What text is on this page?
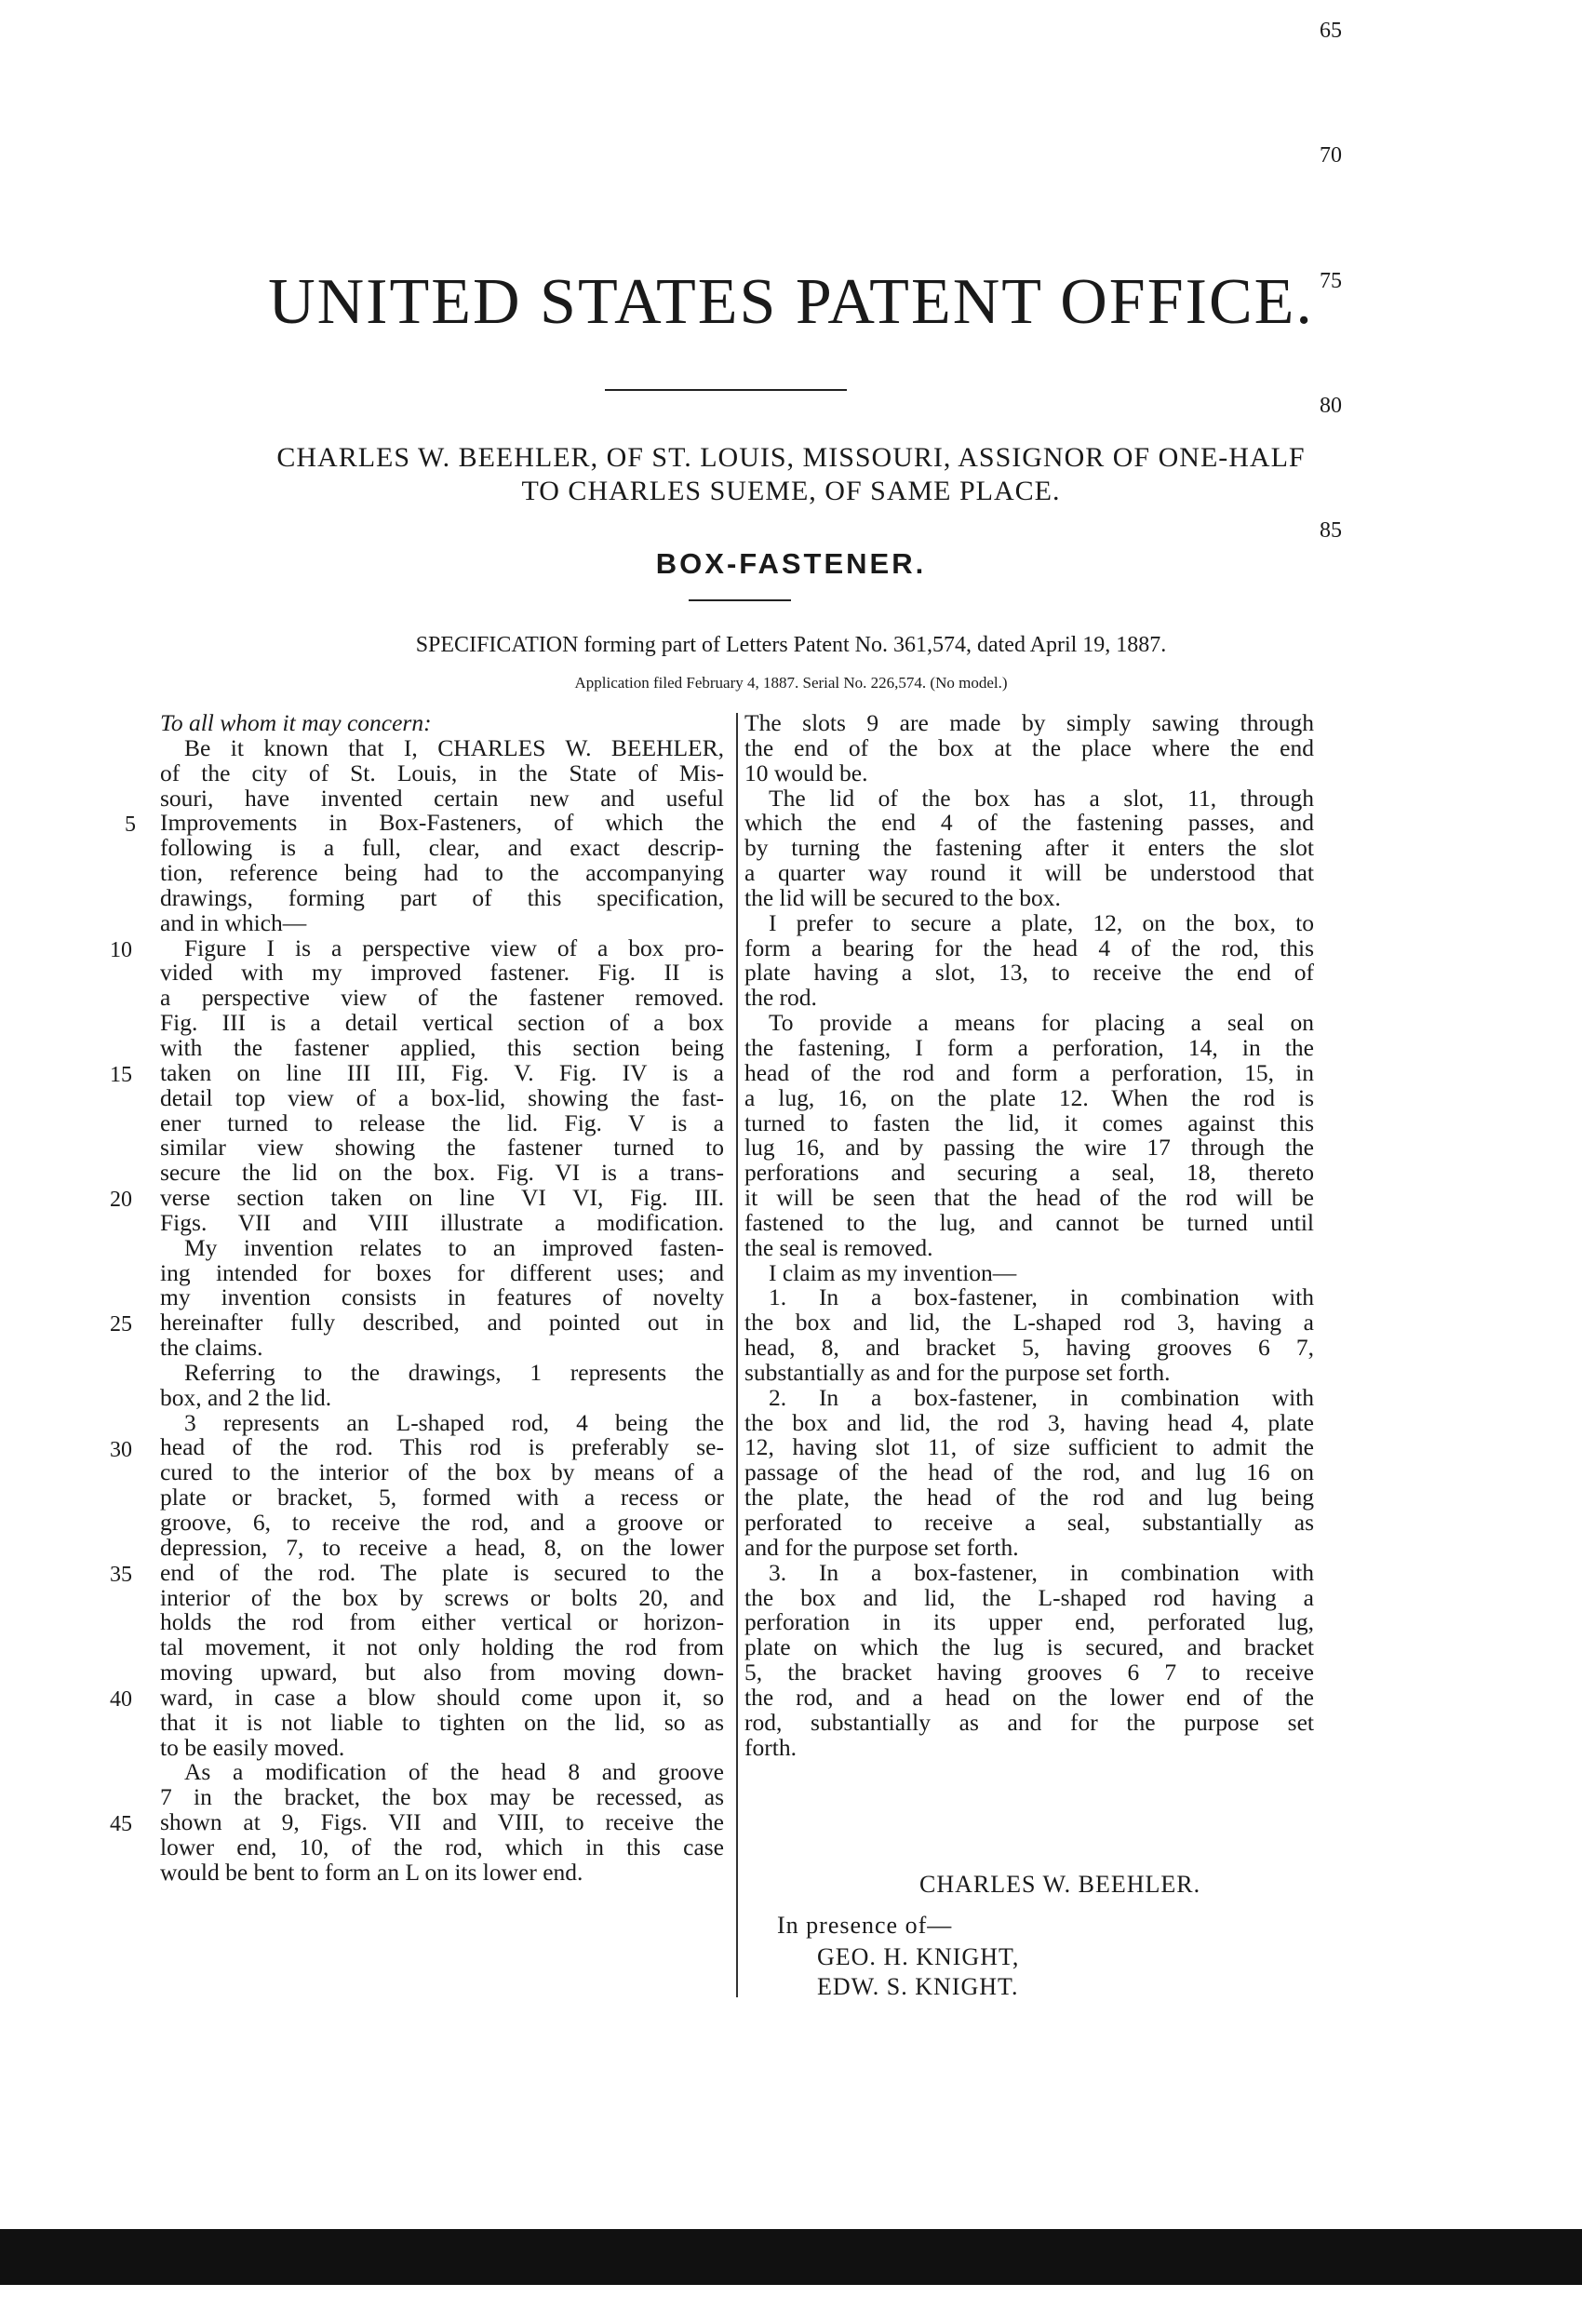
UNITED STATES PATENT OFFICE.
CHARLES W. BEEHLER, OF ST. LOUIS, MISSOURI, ASSIGNOR OF ONE-HALF
TO CHARLES SUEME, OF SAME PLACE.
BOX-FASTENER.
SPECIFICATION forming part of Letters Patent No. 361,574, dated April 19, 1887.
Application filed February 4, 1887. Serial No. 226,574. (No model.)
To all whom it may concern:
Be it known that I, CHARLES W. BEEHLER,
of the city of St. Louis, in the State of Mis-
souri, have invented certain new and useful
Improvements in Box-Fasteners, of which the
following is a full, clear, and exact descrip-
tion, reference being had to the accompanying
drawings, forming part of this specification,
and in which—
Figure I is a perspective view of a box pro-
vided with my improved fastener. Fig. II is
a perspective view of the fastener removed.
Fig. III is a detail vertical section of a box
with the fastener applied, this section being
taken on line III III, Fig. V. Fig. IV is a
detail top view of a box-lid, showing the fast-
ener turned to release the lid. Fig. V is a
similar view showing the fastener turned to
secure the lid on the box. Fig. VI is a trans-
verse section taken on line VI VI, Fig. III.
Figs. VII and VIII illustrate a modification.
My invention relates to an improved fasten-
ing intended for boxes for different uses; and
my invention consists in features of novelty
hereinafter fully described, and pointed out in
the claims.
Referring to the drawings, 1 represents the
box, and 2 the lid.
3 represents an L-shaped rod, 4 being the
head of the rod. This rod is preferably se-
cured to the interior of the box by means of a
plate or bracket, 5, formed with a recess or
groove, 6, to receive the rod, and a groove or
depression, 7, to receive a head, 8, on the lower
end of the rod. The plate is secured to the
interior of the box by screws or bolts 20, and
holds the rod from either vertical or horizon-
tal movement, it not only holding the rod from
moving upward, but also from moving down-
ward, in case a blow should come upon it, so
that it is not liable to tighten on the lid, so as
to be easily moved.
As a modification of the head 8 and groove
7 in the bracket, the box may be recessed, as
shown at 9, Figs. VII and VIII, to receive the
lower end, 10, of the rod, which in this case
would be bent to form an L on its lower end.
The slots 9 are made by simply sawing through
the end of the box at the place where the end
10 would be.
The lid of the box has a slot, 11, through
which the end 4 of the fastening passes, and
by turning the fastening after it enters the slot
a quarter way round it will be understood that
the lid will be secured to the box.
I prefer to secure a plate, 12, on the box, to
form a bearing for the head 4 of the rod, this
plate having a slot, 13, to receive the end of
the rod.
To provide a means for placing a seal on
the fastening, I form a perforation, 14, in the
head of the rod and form a perforation, 15, in
a lug, 16, on the plate 12. When the rod is
turned to fasten the lid, it comes against this
lug 16, and by passing the wire 17 through the
perforations and securing a seal, 18, thereto
it will be seen that the head of the rod will be
fastened to the lug, and cannot be turned until
the seal is removed.
I claim as my invention—
1. In a box-fastener, in combination with
the box and lid, the L-shaped rod 3, having a
head, 8, and bracket 5, having grooves 6 7,
substantially as and for the purpose set forth.
2. In a box-fastener, in combination with
the box and lid, the rod 3, having head 4, plate
12, having slot 11, of size sufficient to admit the
passage of the head of the rod, and lug 16 on
the plate, the head of the rod and lug being
perforated to receive a seal, substantially as
and for the purpose set forth.
3. In a box-fastener, in combination with
the box and lid, the L-shaped rod having a
perforation in its upper end, perforated lug,
plate on which the lug is secured, and bracket
5, the bracket having grooves 6 7 to receive
the rod, and a head on the lower end of the
rod, substantially as and for the purpose set
forth.
5
10
15
20
25
30
35
40
45
65
70
75
80
85
CHARLES W. BEEHLER.
In presence of—
GEO. H. KNIGHT,
EDW. S. KNIGHT.
